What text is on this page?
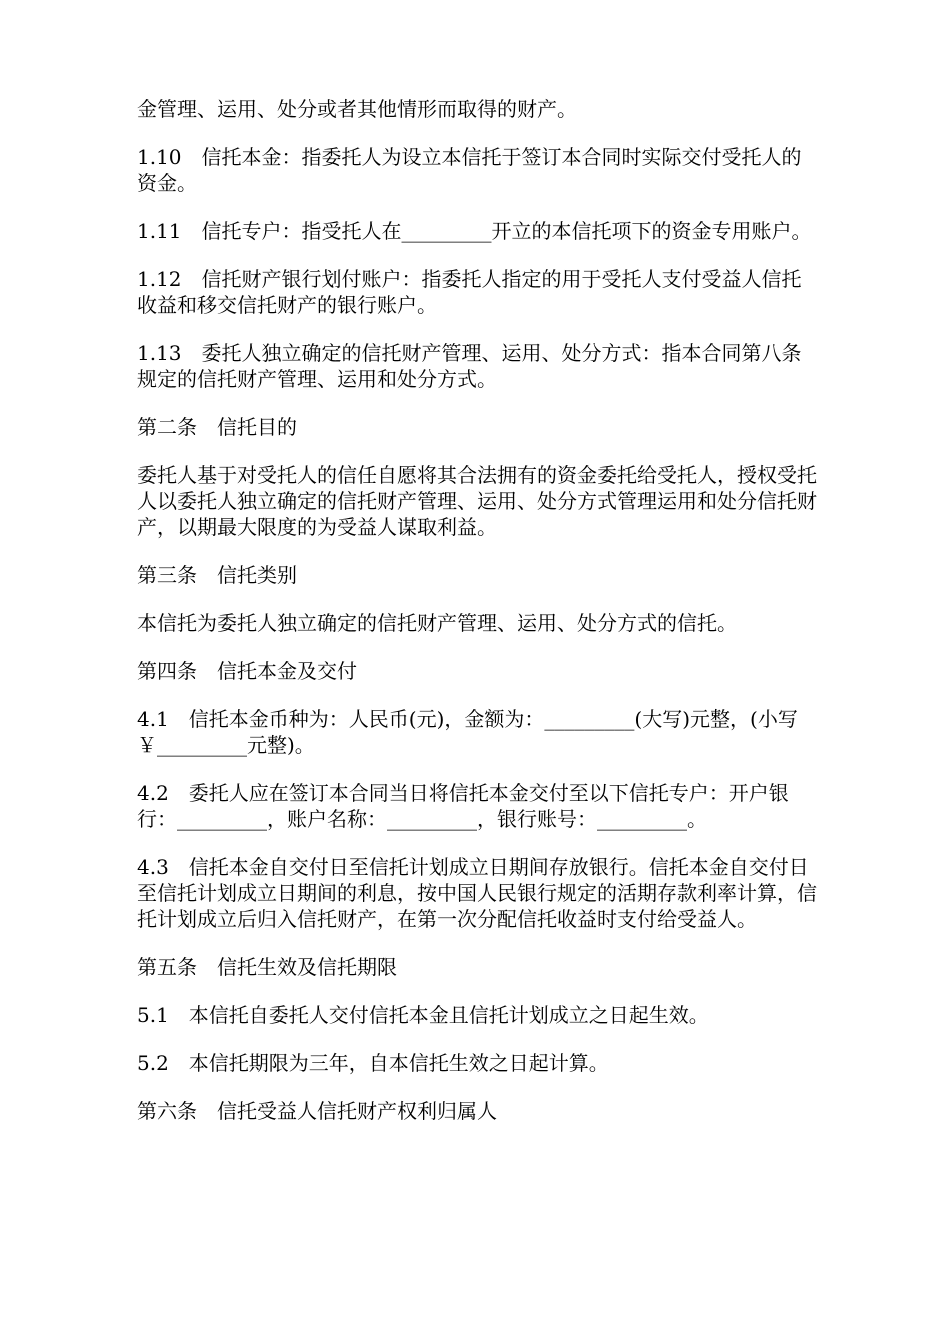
金管理、运用、处分或者其他情形而取得的财产。

1.10　信托本金：指委托人为设立本信托于签订本合同时实际交付受托人的资金。

1.11　信托专户：指受托人在_________开立的本信托项下的资金专用账户。

1.12　信托财产银行划付账户：指委托人指定的用于受托人支付受益人信托收益和移交信托财产的银行账户。

1.13　委托人独立确定的信托财产管理、运用、处分方式：指本合同第八条规定的信托财产管理、运用和处分方式。

第二条　信托目的

委托人基于对受托人的信任自愿将其合法拥有的资金委托给受托人，授权受托人以委托人独立确定的信托财产管理、运用、处分方式管理运用和处分信托财产，以期最大限度的为受益人谋取利益。

第三条　信托类别

本信托为委托人独立确定的信托财产管理、运用、处分方式的信托。

第四条　信托本金及交付

4.1　信托本金币种为：人民币(元)，金额为：_________(大写)元整，(小写￥_________元整)。

4.2　委托人应在签订本合同当日将信托本金交付至以下信托专户：开户银行：_________，账户名称：_________，银行账号：_________。

4.3　信托本金自交付日至信托计划成立日期间存放银行。信托本金自交付日至信托计划成立日期间的利息，按中国人民银行规定的活期存款利率计算，信托计划成立后归入信托财产，在第一次分配信托收益时支付给受益人。

第五条　信托生效及信托期限

5.1　本信托自委托人交付信托本金且信托计划成立之日起生效。

5.2　本信托期限为三年，自本信托生效之日起计算。

第六条　信托受益人信托财产权利归属人
